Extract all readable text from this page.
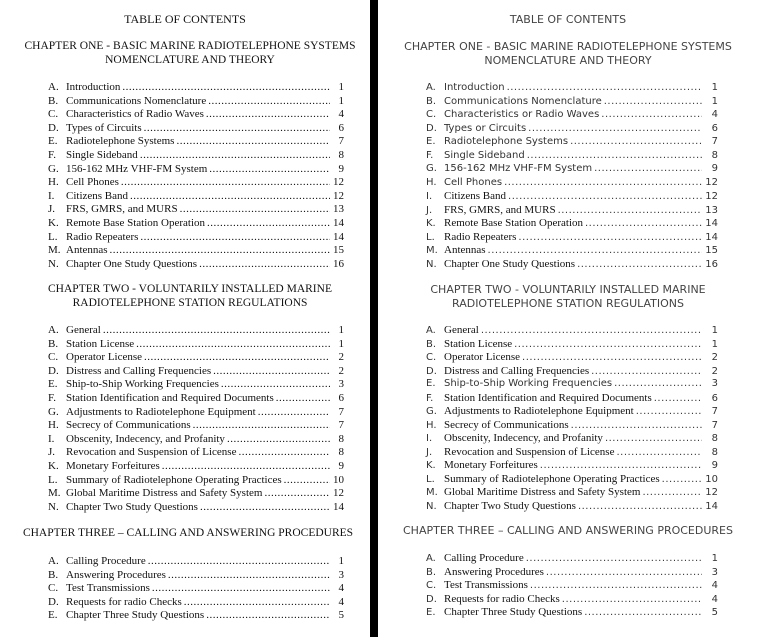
TABLE OF CONTENTS
CHAPTER ONE - BASIC MARINE RADIOTELEPHONE SYSTEMS
NOMENCLATURE AND THEORY
A. Introduction .....	1
B. Communications Nomenclature .....	1
C. Characteristics of Radio Waves .....	4
D. Types of Circuits .....	6
E. Radiotelephone Systems .....	7
F. Single Sideband .....	8
G. 156-162 MHz VHF-FM System .....	9
H. Cell Phones .....	12
I.	Citizens Band .....	12
J. FRS, GMRS, and MURS .....	13
K. Remote Base Station Operation .....	14
L. Radio Repeaters .....	14
M. Antennas .....	15
N. Chapter One Study Questions .....	16
CHAPTER TWO - VOLUNTARILY INSTALLED MARINE
RADIOTELEPHONE STATION REGULATIONS
A. General .....	1
B. Station License .....	1
C. Operator License .....	2
D. Distress and Calling Frequencies .....	2
E. Ship-to-Ship Working Frequencies .....	3
F. Station Identification and Required Documents .....	6
G. Adjustments to Radiotelephone Equipment .....	7
H. Secrecy of Communications .....	7
I.	Obscenity, Indecency, and Profanity .....	8
J. Revocation and Suspension of License .....	8
K. Monetary Forfeitures .....	9
L. Summary of Radiotelephone Operating Practices .....	10
M. Global Maritime Distress and Safety System .....	12
N. Chapter Two Study Questions .....	14
CHAPTER THREE – CALLING AND ANSWERING PROCEDURES
A. Calling Procedure .....	1
B. Answering Procedures .....	3
C. Test Transmissions .....	4
D. Requests for radio Checks .....	4
E. Chapter Three Study Questions .....	5
TABLE OF CONTENTS
CHAPTER ONE - BASIC MARINE RADIOTELEPHONE SYSTEMS
NOMENCLATURE AND THEORY
A. Introduction .....	1
B. Communications Nomenclature .....	1
C. Characteristics or Radio Waves .....	4
D. Types or Circuits .....	6
E. Radiotelephone Systems .....	7
F.	Single Sideband .....	8
G. 156-162 MHz VHF-FM System .....	9
H. Cell Phones .....	12
I.	Citizens Band .....	12
J.	FRS, GMRS, and MURS .....	13
K. Remote Base Station Operation .....	14
L. Radio Repeaters .....	14
M. Antennas .....	15
N. Chapter One Study Questions .....	16
CHAPTER TWO - VOLUNTARILY INSTALLED MARINE
RADIOTELEPHONE STATION REGULATIONS
A. General .....	1
B. Station License .....	1
C. Operator License .....	2
D. Distress and Calling Frequencies .....	2
E. Ship-to-Ship Working Frequencies .....	3
F. Station Identification and Required Documents .....	6
G. Adjustments to Radiotelephone Equipment .....	7
H. Secrecy of Communications .....	7
I.	Obscenity, Indecency, and Profanity .....	8
J.	Revocation and Suspension of License .....	8
K. Monetary Forfeitures .....	9
L. Summary of Radiotelephone Operating Practices .....	10
M. Global Maritime Distress and Safety System .....	12
N. Chapter Two Study Questions .....	14
CHAPTER THREE – CALLING AND ANSWERING PROCEDURES
A. Calling Procedure .....	1
B. Answering Procedures .....	3
C. Test Transmissions .....	4
D. Requests for radio Checks .....	4
E. Chapter Three Study Questions .....	5
